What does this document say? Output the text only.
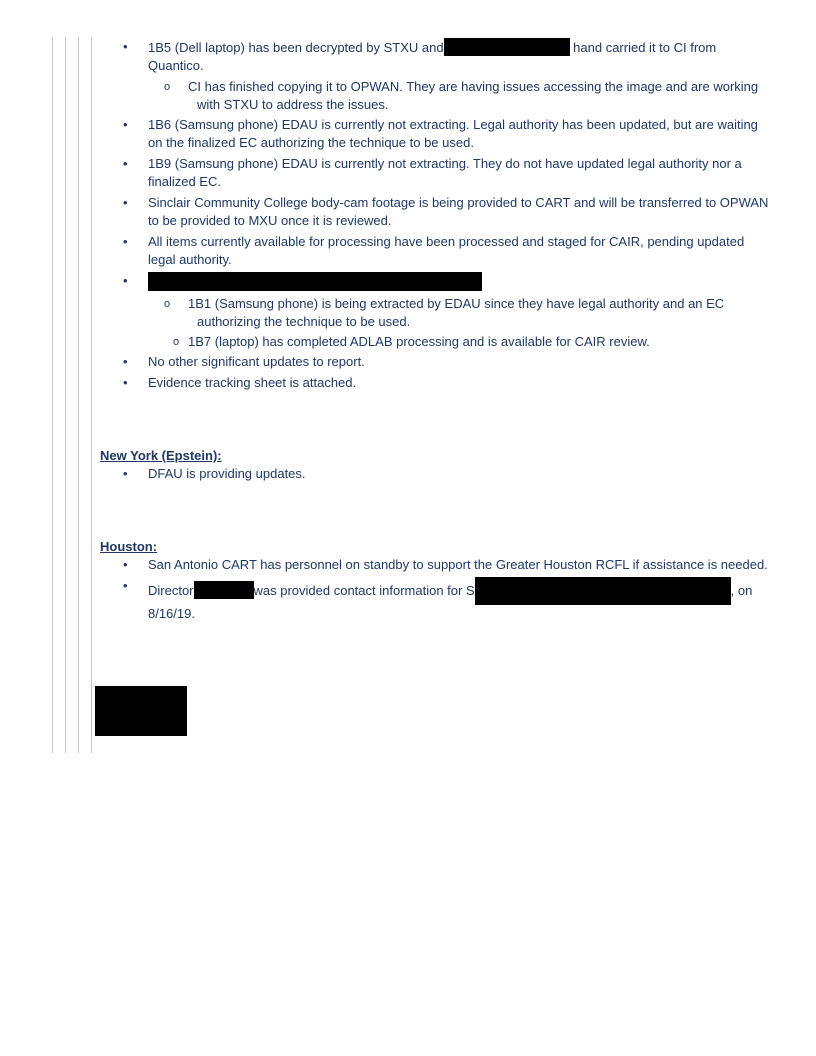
• 1B5 (Dell laptop) has been decrypted by STXU and	hand carried it to CI from Quantico.
o CI has finished copying it to OPWAN. They are having issues accessing the image and are working with STXU to address the issues.
• 1B6 (Samsung phone) EDAU is currently not extracting. Legal authority has been updated, but are waiting on the finalized EC authorizing the technique to be used.
• 1B9 (Samsung phone) EDAU is currently not extracting. They do not have updated legal authority nor a finalized EC.
• Sinclair Community College body-cam footage is being provided to CART and will be transferred to OPWAN to be provided to MXU once it is reviewed.
• All items currently available for processing have been processed and staged for CAIR, pending updated legal authority.
•
o 1B1 (Samsung phone) is being extracted by EDAU since they have legal authority and an EC authorizing the technique to be used.
o 1B7 (laptop) has completed ADLAB processing and is available for CAIR review.
• No other significant updates to report.
• Evidence tracking sheet is attached.

New York (Epstein):

• DFAU is providing updates.

Houston:

• San Antonio CART has personnel on standby to support the Greater Houston RCFL if assistance is needed.
• Director	was provided contact information for S	, on 8/16/19.
